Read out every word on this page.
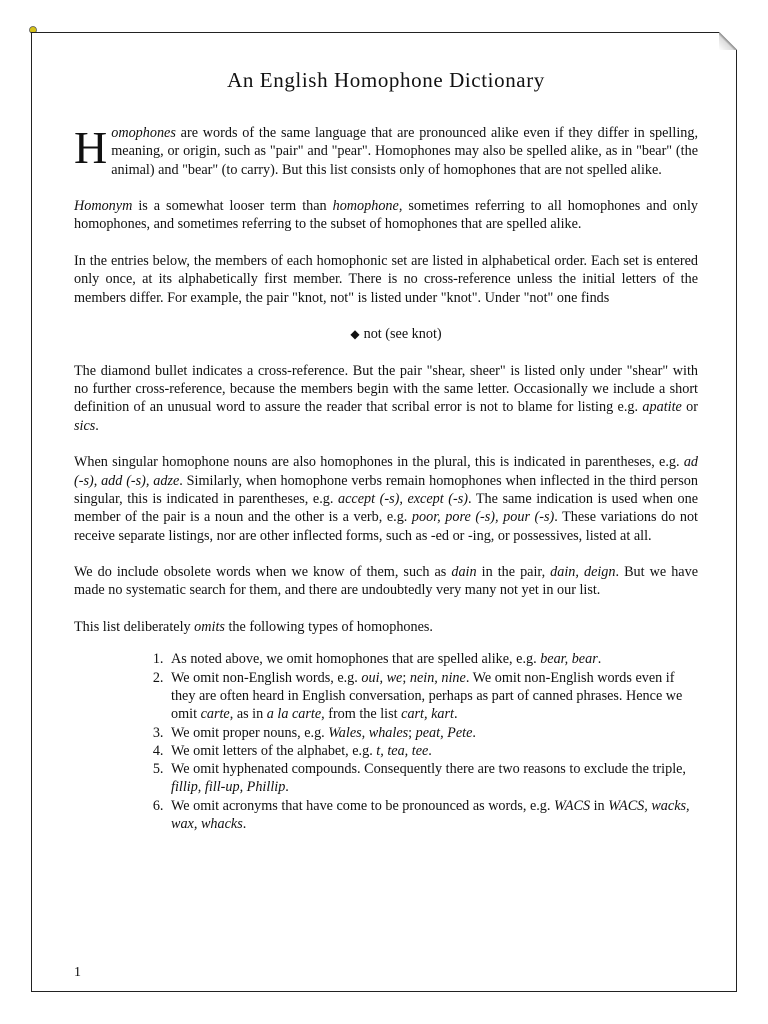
An English Homophone Dictionary

Homophones are words of the same language that are pronounced alike even if they differ in spelling, meaning, or origin, such as "pair" and "pear". Homophones may also be spelled alike, as in "bear" (the animal) and "bear" (to carry). But this list consists only of homophones that are not spelled alike.

Homonym is a somewhat looser term than homophone, sometimes referring to all homophones and only homophones, and sometimes referring to the subset of homophones that are spelled alike.

In the entries below, the members of each homophonic set are listed in alphabetical order. Each set is entered only once, at its alphabetically first member. There is no cross-reference unless the initial letters of the members differ. For example, the pair "knot, not" is listed under "knot". Under "not" one finds

◆ not (see knot)

The diamond bullet indicates a cross-reference. But the pair "shear, sheer" is listed only under "shear" with no further cross-reference, because the members begin with the same letter. Occasionally we include a short definition of an unusual word to assure the reader that scribal error is not to blame for listing e.g. apatite or sics.

When singular homophone nouns are also homophones in the plural, this is indicated in parentheses, e.g. ad (-s), add (-s), adze. Similarly, when homophone verbs remain homophones when inflected in the third person singular, this is indicated in parentheses, e.g. accept (-s), except (-s). The same indication is used when one member of the pair is a noun and the other is a verb, e.g. poor, pore (-s), pour (-s). These variations do not receive separate listings, nor are other inflected forms, such as -ed or -ing, or possessives, listed at all.

We do include obsolete words when we know of them, such as dain in the pair, dain, deign. But we have made no systematic search for them, and there are undoubtedly very many not yet in our list.

This list deliberately omits the following types of homophones.

1. As noted above, we omit homophones that are spelled alike, e.g. bear, bear.
2. We omit non-English words, e.g. oui, we; nein, nine. We omit non-English words even if they are often heard in English conversation, perhaps as part of canned phrases. Hence we omit carte, as in a la carte, from the list cart, kart.
3. We omit proper nouns, e.g. Wales, whales; peat, Pete.
4. We omit letters of the alphabet, e.g. t, tea, tee.
5. We omit hyphenated compounds. Consequently there are two reasons to exclude the triple, fillip, fill-up, Phillip.
6. We omit acronyms that have come to be pronounced as words, e.g. WACS in WACS, wacks, wax, whacks.
1
